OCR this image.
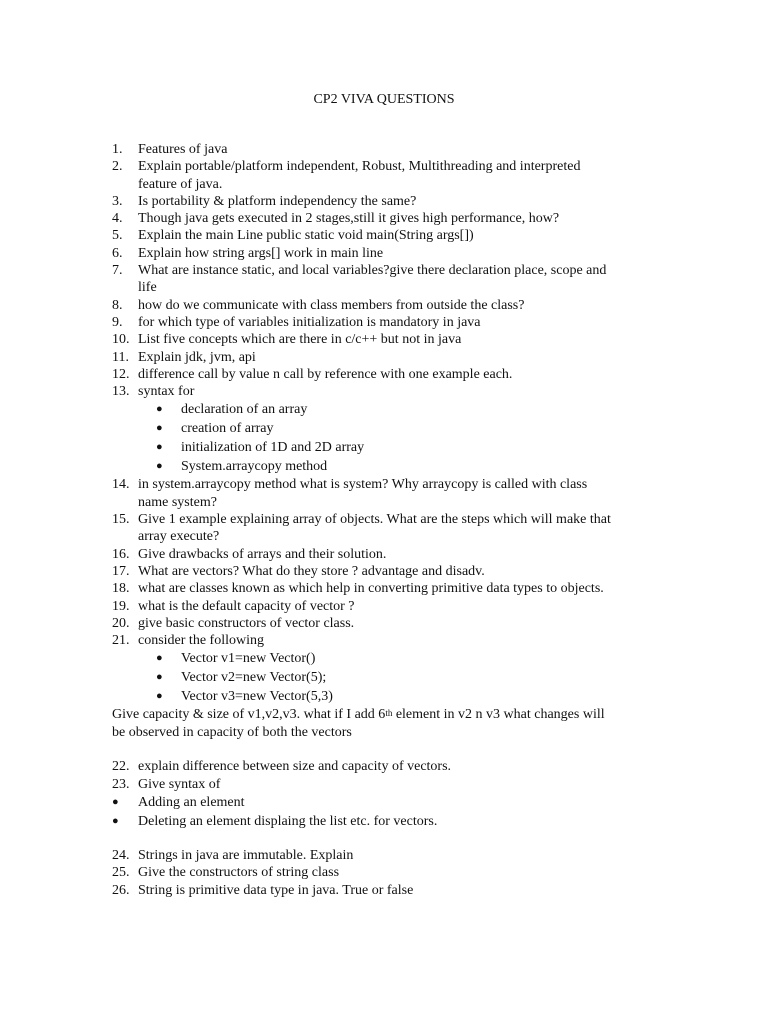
CP2 VIVA QUESTIONS
1.	Features of java
2.	Explain portable/platform independent, Robust, Multithreading and interpreted
feature of java.
3.	Is portability & platform independency the same?
4.	Though java gets executed in 2 stages,still it gives high performance, how?
5.	Explain the main Line public static void main(String args[])
6.	Explain how string args[] work in main line
7.	What are instance static, and local variables?give there declaration place, scope and
life
8.	how do we communicate with class members from outside the class?
9.	for which type of variables initialization is mandatory in java
10. List five concepts which are there in c/c++ but not in java
11. Explain jdk, jvm, api
12. difference call by value n call by reference with one example each.
13. syntax for
●	declaration of an array
●	creation of array
●	initialization of 1D and 2D array
●	System.arraycopy method
14. in system.arraycopy method what is system? Why arraycopy is called with class
name system?
15. Give 1 example explaining array of objects. What are the steps which will make that
array execute?
16. Give drawbacks of arrays and their solution.
17. What are vectors? What do they store ? advantage and disadv.
18. what are classes known as which help in converting primitive data types to objects.
19. what is the default capacity of vector ?
20. give basic constructors of vector class.
21. consider the following
●	Vector v1=new Vector()
●	Vector v2=new Vector(5);
●	Vector v3=new Vector(5,3)
Give capacity & size of v1,v2,v3. what if I add 6th element in v2 n v3 what changes will
be observed in capacity of both the vectors
22. explain difference between size and capacity of vectors.
23. Give syntax of
●	Adding an element
●	Deleting an element displaing the list etc. for vectors.
24. Strings in java are immutable. Explain
25. Give the constructors of string class
26. String is primitive data type in java. True or false
